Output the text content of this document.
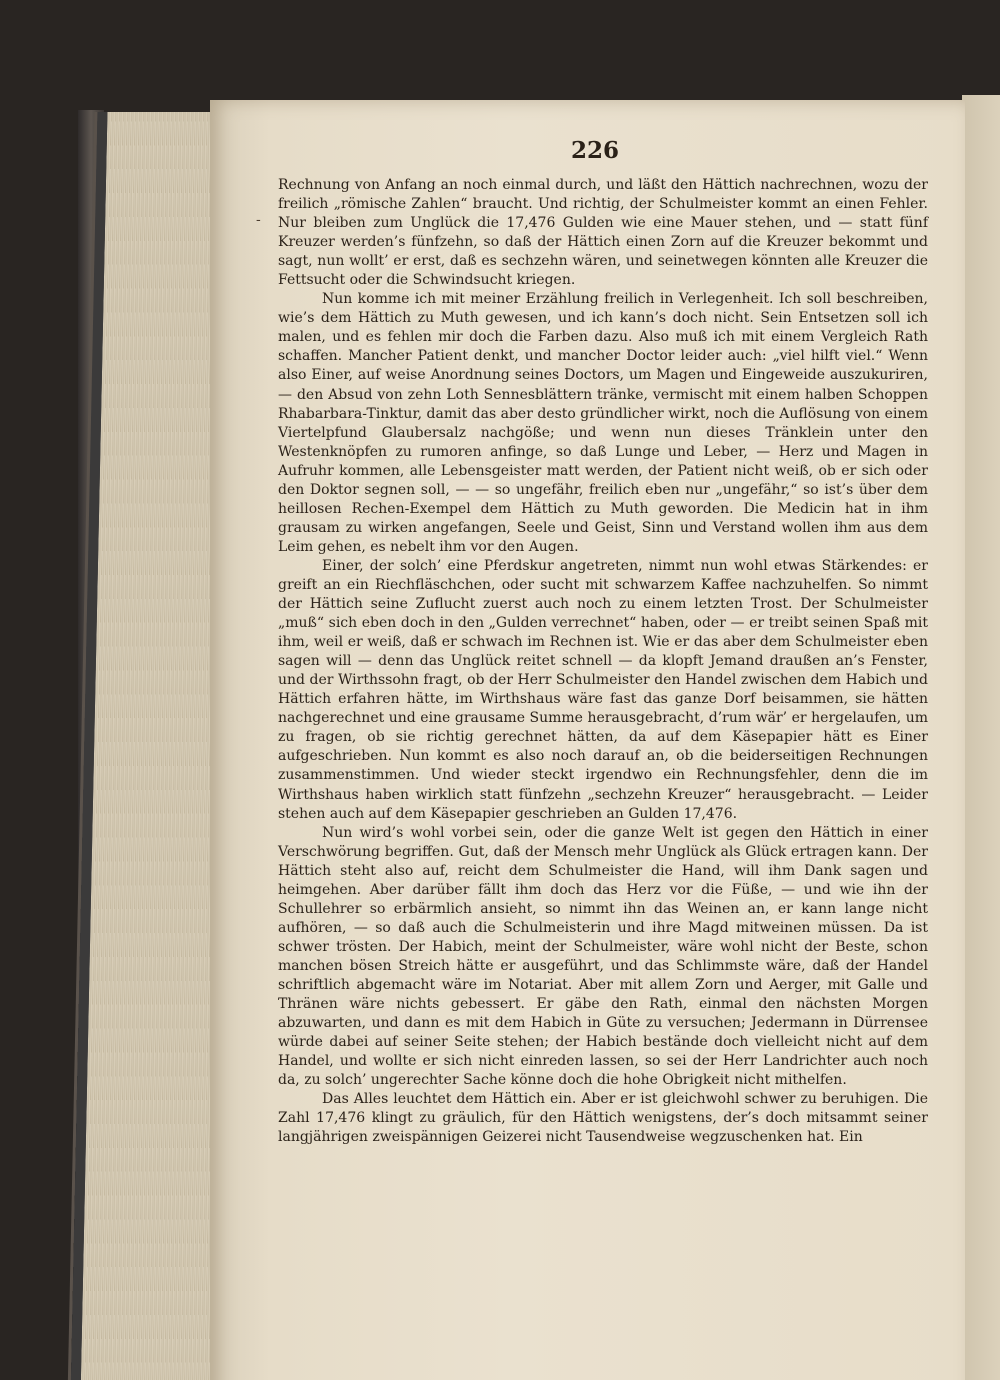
226
-

Rechnung von Anfang an noch einmal durch, und läßt den Hättich nachrechnen, wozu der freilich „römische Zahlen“ braucht. Und richtig, der Schulmeister kommt an einen Fehler. Nur bleiben zum Unglück die 17,476 Gulden wie eine Mauer stehen, und — statt fünf Kreuzer werden’s fünfzehn, so daß der Hättich einen Zorn auf die Kreuzer bekommt und sagt, nun wollt’ er erst, daß es sechzehn wären, und seinetwegen könnten alle Kreuzer die Fettsucht oder die Schwindsucht kriegen.

Nun komme ich mit meiner Erzählung freilich in Verlegenheit. Ich soll beschreiben, wie’s dem Hättich zu Muth gewesen, und ich kann’s doch nicht. Sein Entsetzen soll ich malen, und es fehlen mir doch die Farben dazu. Also muß ich mit einem Vergleich Rath schaffen. Mancher Patient denkt, und mancher Doctor leider auch: „viel hilft viel.“ Wenn also Einer, auf weise Anordnung seines Doctors, um Magen und Eingeweide auszukuriren, — den Absud von zehn Loth Sennesblättern tränke, vermischt mit einem halben Schoppen Rhabarbara-Tinktur, damit das aber desto gründlicher wirkt, noch die Auflösung von einem Viertelpfund Glaubersalz nachgöße; und wenn nun dieses Tränklein unter den Westenknöpfen zu rumoren anfinge, so daß Lunge und Leber, — Herz und Magen in Aufruhr kommen, alle Lebensgeister matt werden, der Patient nicht weiß, ob er sich oder den Doktor segnen soll, — — so ungefähr, freilich eben nur „ungefähr,“ so ist’s über dem heillosen Rechen-Exempel dem Hättich zu Muth geworden. Die Medicin hat in ihm grausam zu wirken angefangen, Seele und Geist, Sinn und Verstand wollen ihm aus dem Leim gehen, es nebelt ihm vor den Augen.

Einer, der solch’ eine Pferdskur angetreten, nimmt nun wohl etwas Stärkendes: er greift an ein Riechfläschchen, oder sucht mit schwarzem Kaffee nachzuhelfen. So nimmt der Hättich seine Zuflucht zuerst auch noch zu einem letzten Trost. Der Schulmeister „muß“ sich eben doch in den „Gulden verrechnet“ haben, oder — er treibt seinen Spaß mit ihm, weil er weiß, daß er schwach im Rechnen ist. Wie er das aber dem Schulmeister eben sagen will — denn das Unglück reitet schnell — da klopft Jemand draußen an’s Fenster, und der Wirthssohn fragt, ob der Herr Schulmeister den Handel zwischen dem Habich und Hättich erfahren hätte, im Wirthshaus wäre fast das ganze Dorf beisammen, sie hätten nachgerechnet und eine grausame Summe herausgebracht, d’rum wär’ er hergelaufen, um zu fragen, ob sie richtig gerechnet hätten, da auf dem Käsepapier hätt es Einer aufgeschrieben. Nun kommt es also noch darauf an, ob die beiderseitigen Rechnungen zusammenstimmen. Und wieder steckt irgendwo ein Rechnungsfehler, denn die im Wirthshaus haben wirklich statt fünfzehn „sechzehn Kreuzer“ herausgebracht. — Leider stehen auch auf dem Käsepapier geschrieben an Gulden 17,476.

Nun wird’s wohl vorbei sein, oder die ganze Welt ist gegen den Hättich in einer Verschwörung begriffen. Gut, daß der Mensch mehr Unglück als Glück ertragen kann. Der Hättich steht also auf, reicht dem Schulmeister die Hand, will ihm Dank sagen und heimgehen. Aber darüber fällt ihm doch das Herz vor die Füße, — und wie ihn der Schullehrer so erbärmlich ansieht, so nimmt ihn das Weinen an, er kann lange nicht aufhören, — so daß auch die Schulmeisterin und ihre Magd mitweinen müssen. Da ist schwer trösten. Der Habich, meint der Schulmeister, wäre wohl nicht der Beste, schon manchen bösen Streich hätte er ausgeführt, und das Schlimmste wäre, daß der Handel schriftlich abgemacht wäre im Notariat. Aber mit allem Zorn und Aerger, mit Galle und Thränen wäre nichts gebessert. Er gäbe den Rath, einmal den nächsten Morgen abzuwarten, und dann es mit dem Habich in Güte zu versuchen; Jedermann in Dürrensee würde dabei auf seiner Seite stehen; der Habich bestände doch vielleicht nicht auf dem Handel, und wollte er sich nicht einreden lassen, so sei der Herr Landrichter auch noch da, zu solch’ ungerechter Sache könne doch die hohe Obrigkeit nicht mithelfen.

Das Alles leuchtet dem Hättich ein. Aber er ist gleichwohl schwer zu beruhigen. Die Zahl 17,476 klingt zu gräulich, für den Hättich wenigstens, der’s doch mitsammt seiner langjährigen zweispännigen Geizerei nicht Tausendweise wegzuschenken hat. Ein
